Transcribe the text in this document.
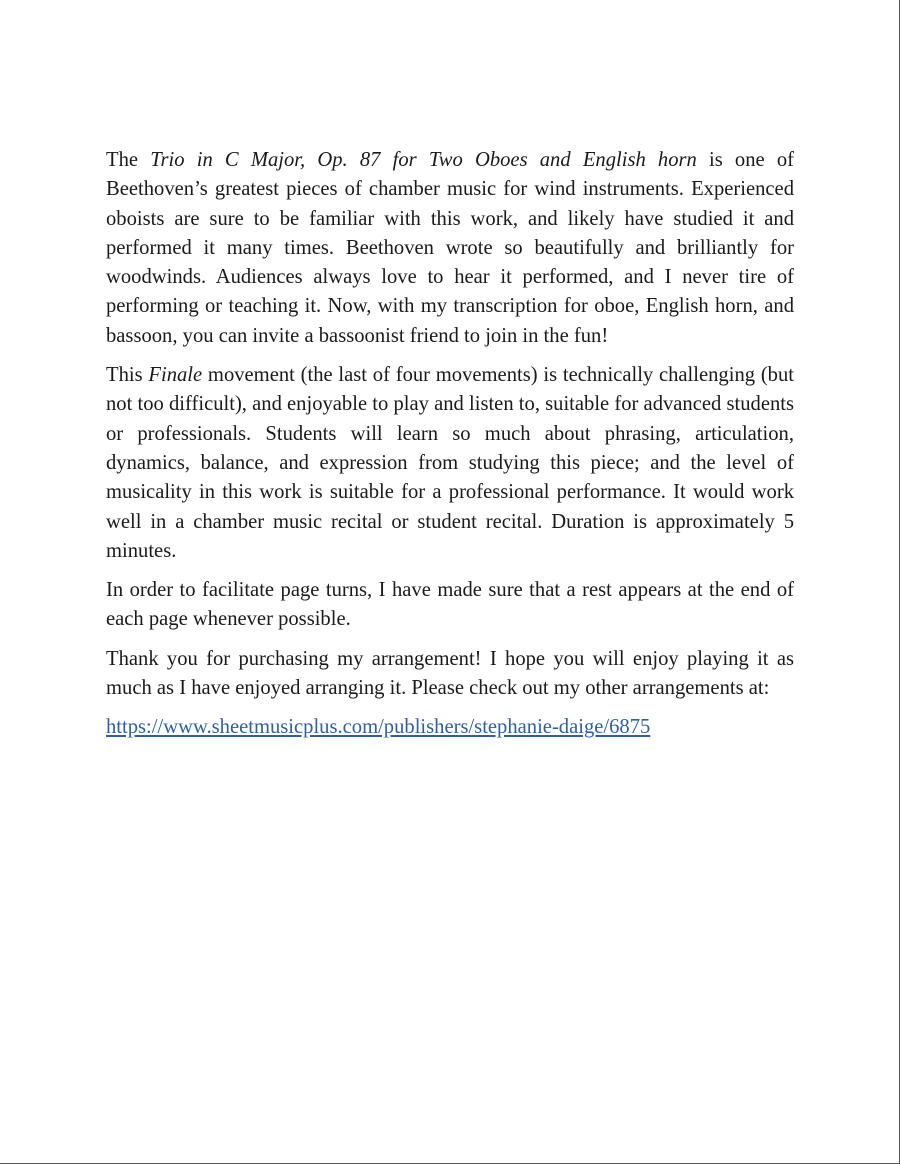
The Trio in C Major, Op. 87 for Two Oboes and English horn is one of Beethoven’s greatest pieces of chamber music for wind instruments. Experienced oboists are sure to be familiar with this work, and likely have studied it and performed it many times. Beethoven wrote so beautifully and brilliantly for woodwinds. Audiences always love to hear it performed, and I never tire of performing or teaching it. Now, with my transcription for oboe, English horn, and bassoon, you can invite a bassoonist friend to join in the fun!

This Finale movement (the last of four movements) is technically challenging (but not too difficult), and enjoyable to play and listen to, suitable for advanced students or professionals. Students will learn so much about phrasing, articulation, dynamics, balance, and expression from studying this piece; and the level of musicality in this work is suitable for a professional performance. It would work well in a chamber music recital or student recital. Duration is approximately 5 minutes.

In order to facilitate page turns, I have made sure that a rest appears at the end of each page whenever possible.

Thank you for purchasing my arrangement! I hope you will enjoy playing it as much as I have enjoyed arranging it. Please check out my other arrangements at:

https://www.sheetmusicplus.com/publishers/stephanie-daige/6875
